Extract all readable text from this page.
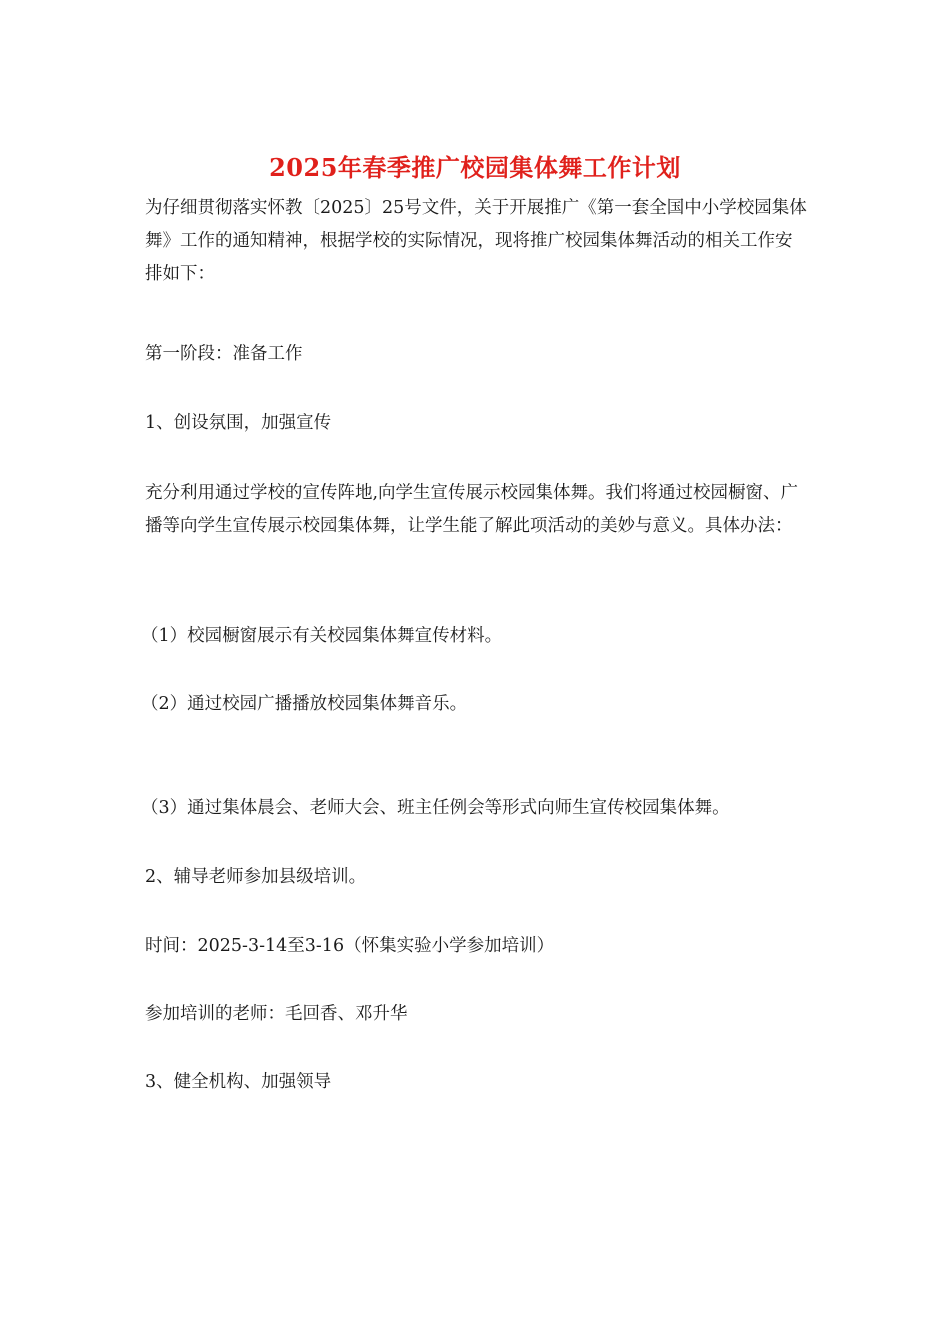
2025年春季推广校园集体舞工作计划
为仔细贯彻落实怀教〔2025〕25号文件，关于开展推广《第一套全国中小学校园集体舞》工作的通知精神，根据学校的实际情况，现将推广校园集体舞活动的相关工作安排如下：
第一阶段：准备工作
1、创设氛围，加强宣传
充分利用通过学校的宣传阵地,向学生宣传展示校园集体舞。我们将通过校园橱窗、广播等向学生宣传展示校园集体舞，让学生能了解此项活动的美妙与意义。具体办法：
（1）校园橱窗展示有关校园集体舞宣传材料。
（2）通过校园广播播放校园集体舞音乐。
（3）通过集体晨会、老师大会、班主任例会等形式向师生宣传校园集体舞。
2、辅导老师参加县级培训。
时间：2025-3-14至3-16（怀集实验小学参加培训）
参加培训的老师：毛回香、邓升华
3、健全机构、加强领导
